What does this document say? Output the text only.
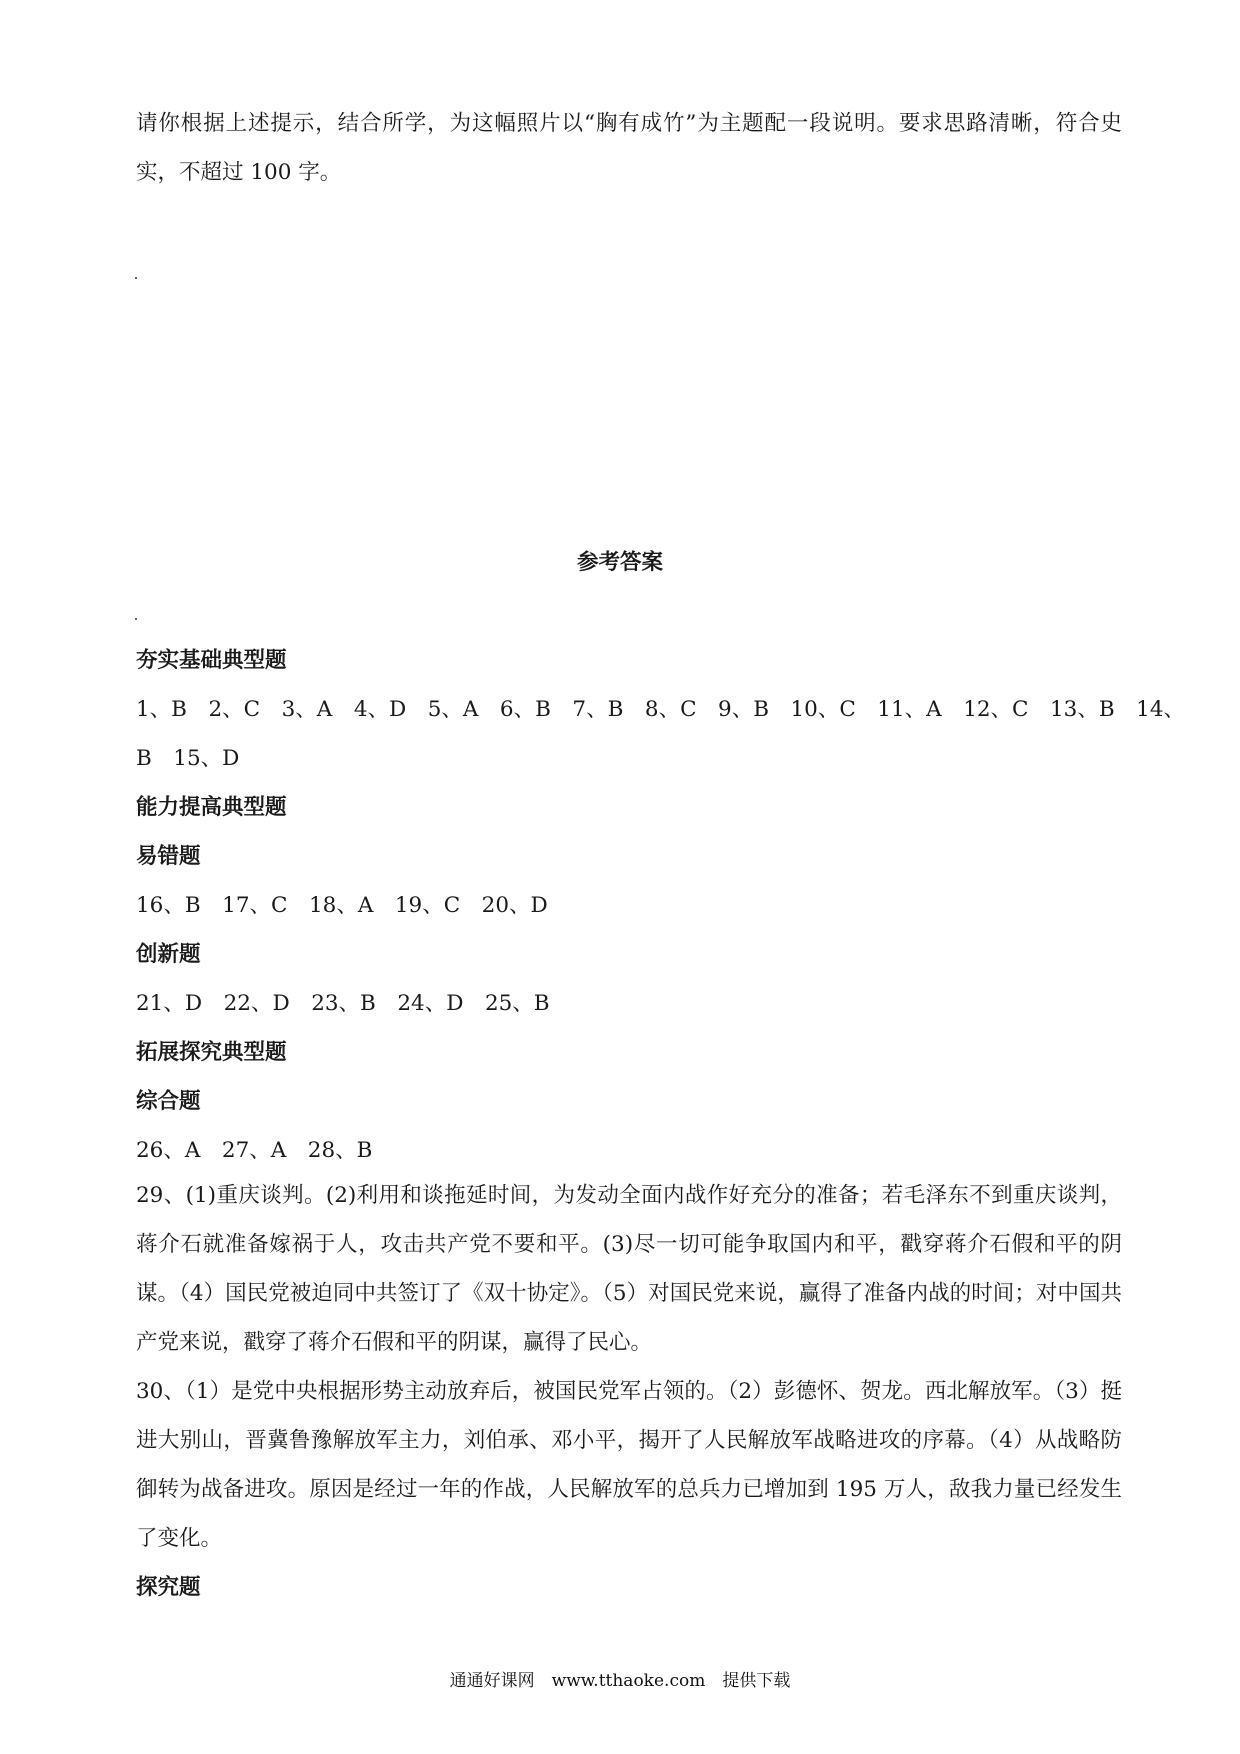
请你根据上述提示，结合所学，为这幅照片以“胸有成竹”为主题配一段说明。要求思路清晰，符合史实，不超过 100 字。

参考答案
夯实基础典型题
1、B　2、C　3、A　4、D　5、A　6、B　7、B　8、C　9、B　10、C　11、A　12、C　13、B　14、
B　15、D
能力提高典型题
易错题
16、B　17、C　18、A　19、C　20、D
创新题
21、D　22、D　23、B　24、D　25、B
拓展探究典型题
综合题
26、A　27、A　28、B

29、(1)重庆谈判。(2)利用和谈拖延时间，为发动全面内战作好充分的准备；若毛泽东不到重庆谈判，蒋介石就准备嫁祸于人，攻击共产党不要和平。(3)尽一切可能争取国内和平，戳穿蒋介石假和平的阴谋。（4）国民党被迫同中共签订了《双十协定》。（5）对国民党来说，赢得了准备内战的时间；对中国共产党来说，戳穿了蒋介石假和平的阴谋，赢得了民心。

30、（1）是党中央根据形势主动放弃后，被国民党军占领的。（2）彭德怀、贺龙。西北解放军。（3）挺进大别山，晋冀鲁豫解放军主力，刘伯承、邓小平，揭开了人民解放军战略进攻的序幕。（4）从战略防御转为战备进攻。原因是经过一年的作战，人民解放军的总兵力已增加到 195 万人，敌我力量已经发生了变化。

探究题
通通好课网　www.tthaoke.com　提供下载
